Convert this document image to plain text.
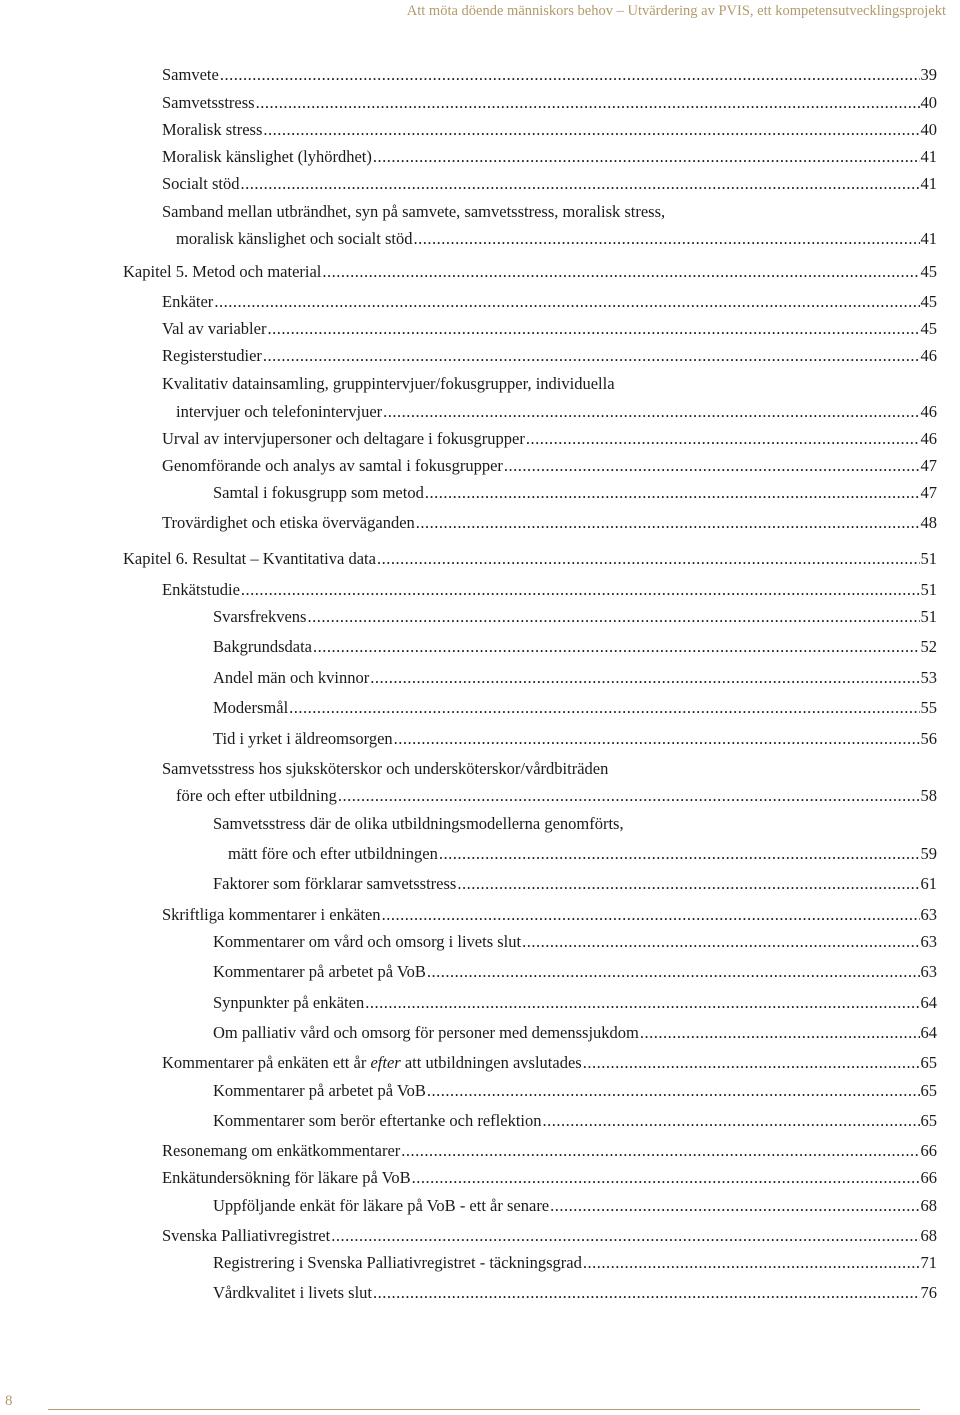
Att möta döende människors behov – Utvärdering av PVIS, ett kompetensutvecklingsprojekt
Samvete .....	39
Samvetsstress .....	40
Moralisk stress .....	40
Moralisk känslighet (lyhördhet) .....	41
Socialt stöd .....	41
Samband mellan utbrändhet, syn på samvete, samvetsstress, moralisk stress,
moralisk känslighet och socialt stöd .....	41
Kapitel 5. Metod och material .....	45
Enkäter .....	45
Val av variabler .....	45
Registerstudier .....	46
Kvalitativ datainsamling, gruppintervjuer/fokusgrupper, individuella
intervjuer och telefonintervjuer .....	46
Urval av intervjupersoner och deltagare i fokusgrupper .....	46
Genomförande och analys av samtal i fokusgrupper .....	47
Samtal i fokusgrupp som metod .....	47
Trovärdighet och etiska överväganden .....	48
Kapitel 6. Resultat – Kvantitativa data .....	51
Enkätstudie .....	51
Svarsfrekvens .....	51
Bakgrundsdata .....	52
Andel män och kvinnor .....	53
Modersmål .....	55
Tid i yrket i äldreomsorgen .....	56
Samvetsstress hos sjuksköterskor och undersköterskor/vårdbiträden
före och efter utbildning .....	58
Samvetsstress där de olika utbildningsmodellerna genomförts,
mätt före och efter utbildningen .....	59
Faktorer som förklarar samvetsstress .....	61
Skriftliga kommentarer i enkäten .....	63
Kommentarer om vård och omsorg i livets slut .....	63
Kommentarer på arbetet på VoB .....	63
Synpunkter på enkäten .....	64
Om palliativ vård och omsorg för personer med demenssjukdom .....	64
Kommentarer på enkäten ett år efter att utbildningen avslutades .....	65
Kommentarer på arbetet på VoB .....	65
Kommentarer som berör eftertanke och reflektion .....	65
Resonemang om enkätkommentarer .....	66
Enkätundersökning för läkare på VoB .....	66
Uppföljande enkät för läkare på VoB - ett år senare .....	68
Svenska Palliativregistret .....	68
Registrering i Svenska Palliativregistret - täckningsgrad .....	71
Vårdkvalitet i livets slut .....	76
8
